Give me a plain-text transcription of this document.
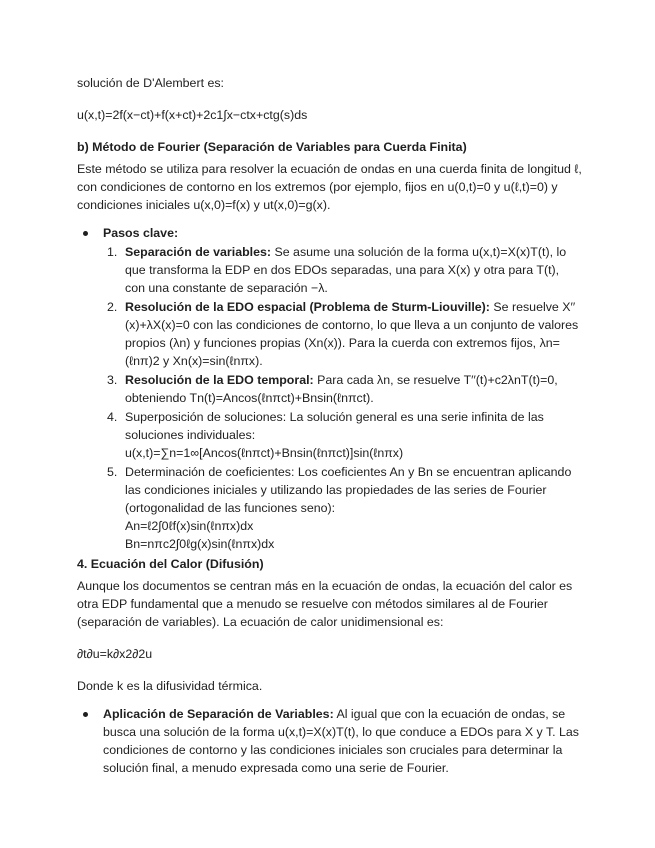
solución de D'Alembert es:

u(x,t)=2f(x−ct)+f(x+ct)+2c1∫x−ctx+ctg(s)ds

b) Método de Fourier (Separación de Variables para Cuerda Finita)

Este método se utiliza para resolver la ecuación de ondas en una cuerda finita de longitud ℓ, con condiciones de contorno en los extremos (por ejemplo, fijos en u(0,t)=0 y u(ℓ,t)=0) y condiciones iniciales u(x,0)=f(x) y ut(x,0)=g(x).

Pasos clave:
1. Separación de variables: Se asume una solución de la forma u(x,t)=X(x)T(t), lo que transforma la EDP en dos EDOs separadas, una para X(x) y otra para T(t), con una constante de separación −λ.
2. Resolución de la EDO espacial (Problema de Sturm-Liouville): Se resuelve X′′(x)+λX(x)=0 con las condiciones de contorno, lo que lleva a un conjunto de valores propios (λn) y funciones propias (Xn(x)). Para la cuerda con extremos fijos, λn=(ℓnπ)2 y Xn(x)=sin(ℓnπx).
3. Resolución de la EDO temporal: Para cada λn, se resuelve T′′(t)+c2λnT(t)=0, obteniendo Tn(t)=Ancos(ℓnπct)+Bnsin(ℓnπct).
4. Superposición de soluciones: La solución general es una serie infinita de las soluciones individuales:
u(x,t)=∑n=1∞[Ancos(ℓnπct)+Bnsin(ℓnπct)]sin(ℓnπx)
5. Determinación de coeficientes: Los coeficientes An y Bn se encuentran aplicando las condiciones iniciales y utilizando las propiedades de las series de Fourier (ortogonalidad de las funciones seno):
An=ℓ2∫0ℓf(x)sin(ℓnπx)dx
Bn=nπc2∫0ℓg(x)sin(ℓnπx)dx

4. Ecuación del Calor (Difusión)

Aunque los documentos se centran más en la ecuación de ondas, la ecuación del calor es otra EDP fundamental que a menudo se resuelve con métodos similares al de Fourier (separación de variables). La ecuación de calor unidimensional es:

∂t∂u=k∂x2∂2u

Donde k es la difusividad térmica.

Aplicación de Separación de Variables: Al igual que con la ecuación de ondas, se busca una solución de la forma u(x,t)=X(x)T(t), lo que conduce a EDOs para X y T. Las condiciones de contorno y las condiciones iniciales son cruciales para determinar la solución final, a menudo expresada como una serie de Fourier.
